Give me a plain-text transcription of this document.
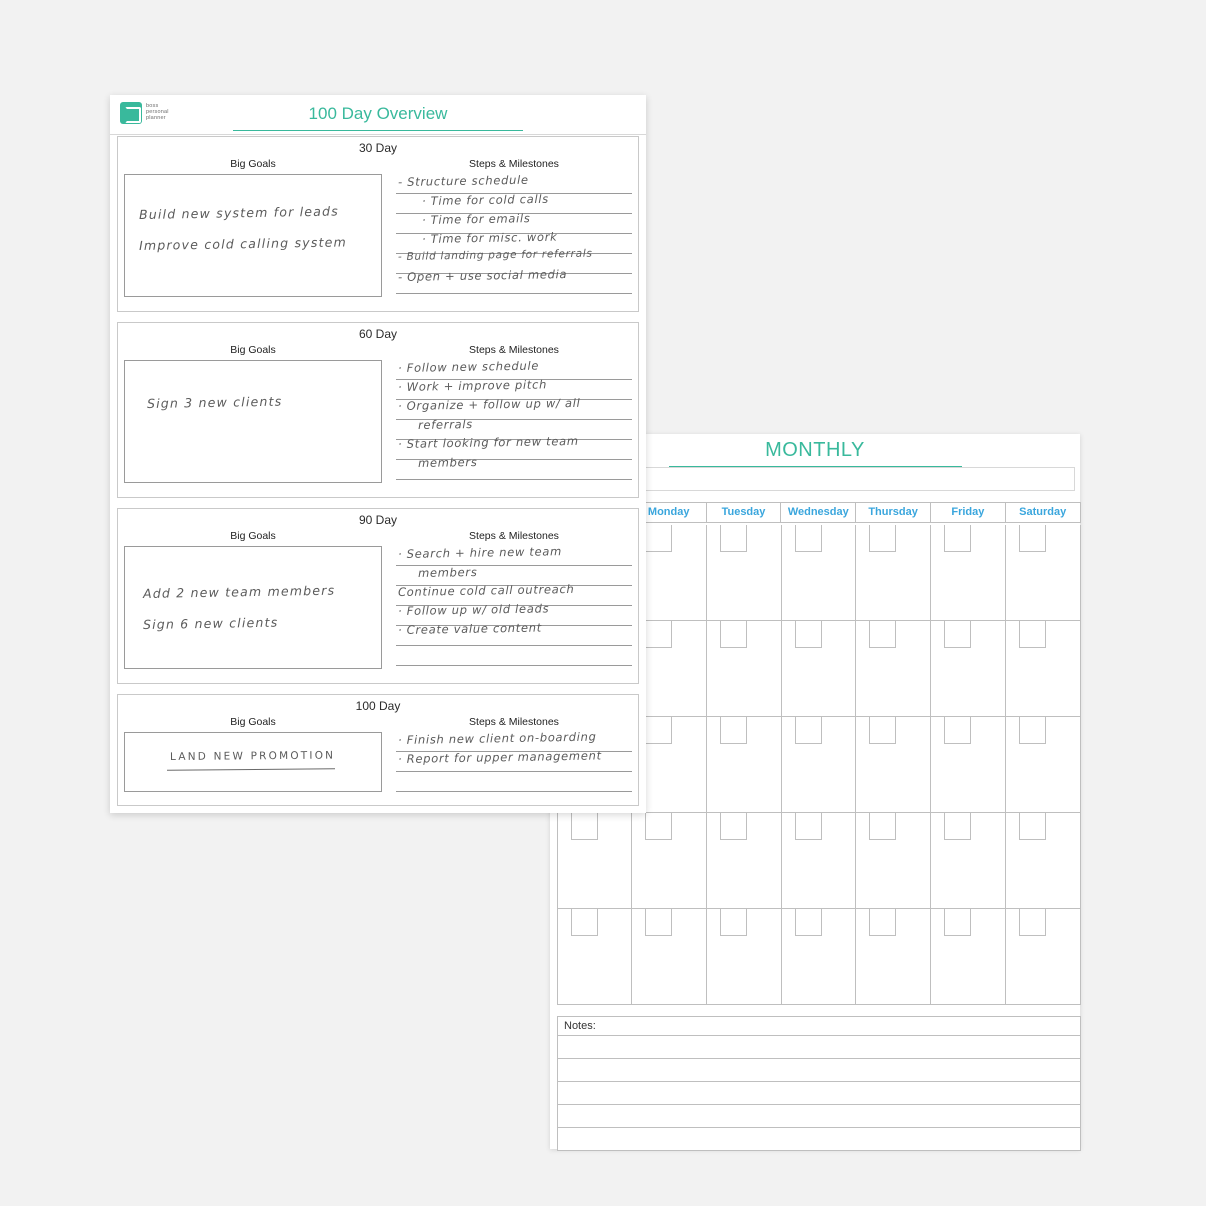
MONTHLY
Monday	Tuesday	Wednesday	Thursday	Friday	Saturday
Notes:
boss
personal
planner	100 Day Overview
30 Day
Big Goals
Build new system for leads
Improve cold calling system
Steps & Milestones
- Structure schedule
· Time for cold calls
· Time for emails
· Time for misc. work
- Build landing page for referrals
- Open + use social media
60 Day
Big Goals
Sign 3 new clients
Steps & Milestones
· Follow new schedule
· Work + improve pitch
· Organize + follow up w/ all
referrals
· Start looking for new team
members
90 Day
Big Goals
Add 2 new team members
Sign 6 new clients
Steps & Milestones
· Search + hire new team
members
Continue cold call outreach
· Follow up w/ old leads
· Create value content
100 Day
Big Goals
LAND NEW PROMOTION
Steps & Milestones
· Finish new client on-boarding
· Report for upper management
